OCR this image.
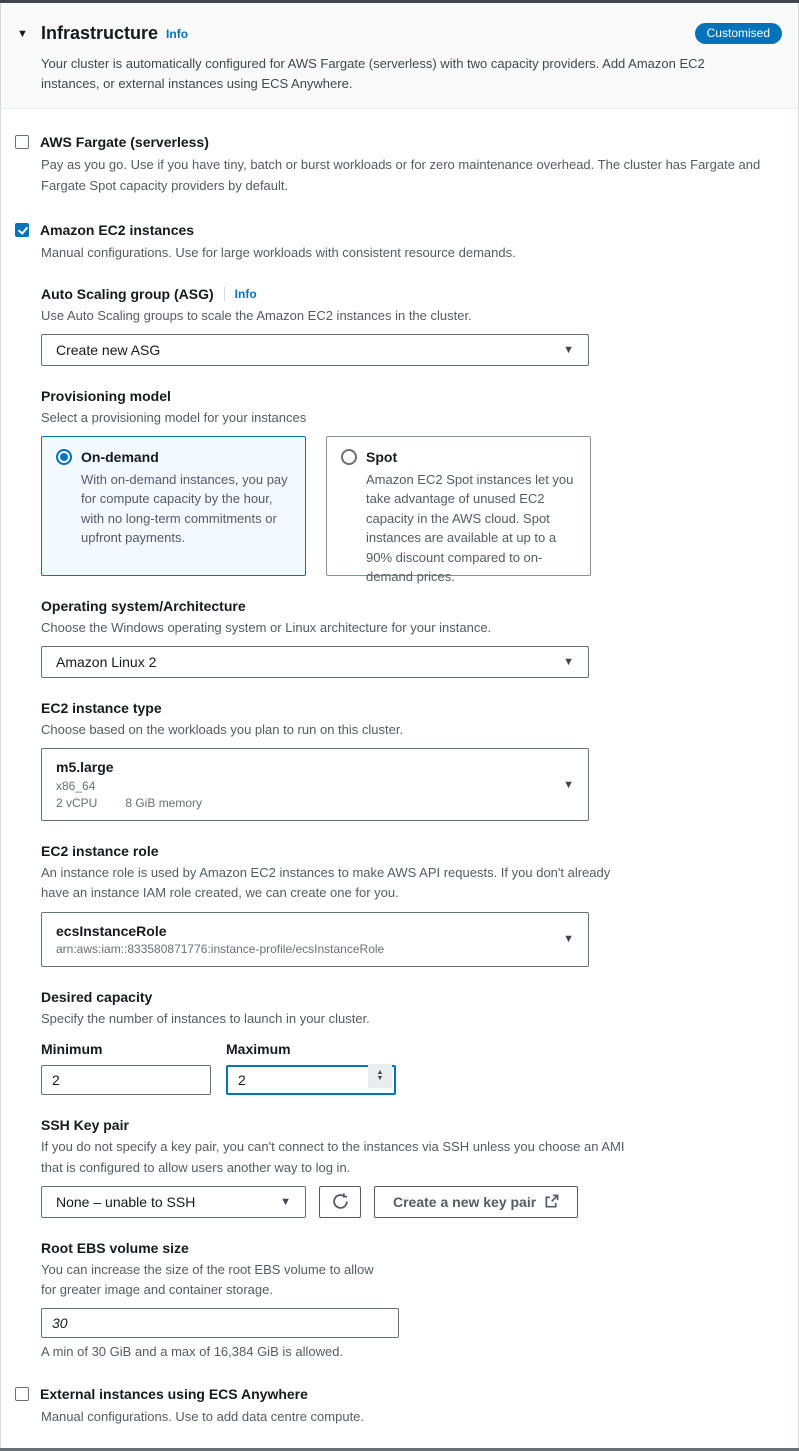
▼ Infrastructure Info	Customised
Your cluster is automatically configured for AWS Fargate (serverless) with two capacity providers. Add Amazon EC2 instances, or external instances using ECS Anywhere.
AWS Fargate (serverless)
Pay as you go. Use if you have tiny, batch or burst workloads or for zero maintenance overhead. The cluster has Fargate and Fargate Spot capacity providers by default.
Amazon EC2 instances
Manual configurations. Use for large workloads with consistent resource demands.
Auto Scaling group (ASG) Info
Use Auto Scaling groups to scale the Amazon EC2 instances in the cluster.
Create new ASG	▼
Provisioning model
Select a provisioning model for your instances
On-demand
With on-demand instances, you pay for compute capacity by the hour, with no long-term commitments or upfront payments.
Spot
Amazon EC2 Spot instances let you take advantage of unused EC2 capacity in the AWS cloud. Spot instances are available at up to a 90% discount compared to on-demand prices.
Operating system/Architecture
Choose the Windows operating system or Linux architecture for your instance.
Amazon Linux 2	▼
EC2 instance type
Choose based on the workloads you plan to run on this cluster.
m5.large
x86_64
2 vCPU 8 GiB memory
▼
EC2 instance role
An instance role is used by Amazon EC2 instances to make AWS API requests. If you don't already have an instance IAM role created, we can create one for you.
ecsInstanceRole
arn:aws:iam::833580871776:instance-profile/ecsInstanceRole
▼
Desired capacity
Specify the number of instances to launch in your cluster.
Minimum
2	Maximum
2
▲
▼
SSH Key pair
If you do not specify a key pair, you can't connect to the instances via SSH unless you choose an AMI that is configured to allow users another way to log in.
None – unable to SSH	▼	Create a new key pair
Root EBS volume size
You can increase the size of the root EBS volume to allow for greater image and container storage.
30
A min of 30 GiB and a max of 16,384 GiB is allowed.
External instances using ECS Anywhere
Manual configurations. Use to add data centre compute.
